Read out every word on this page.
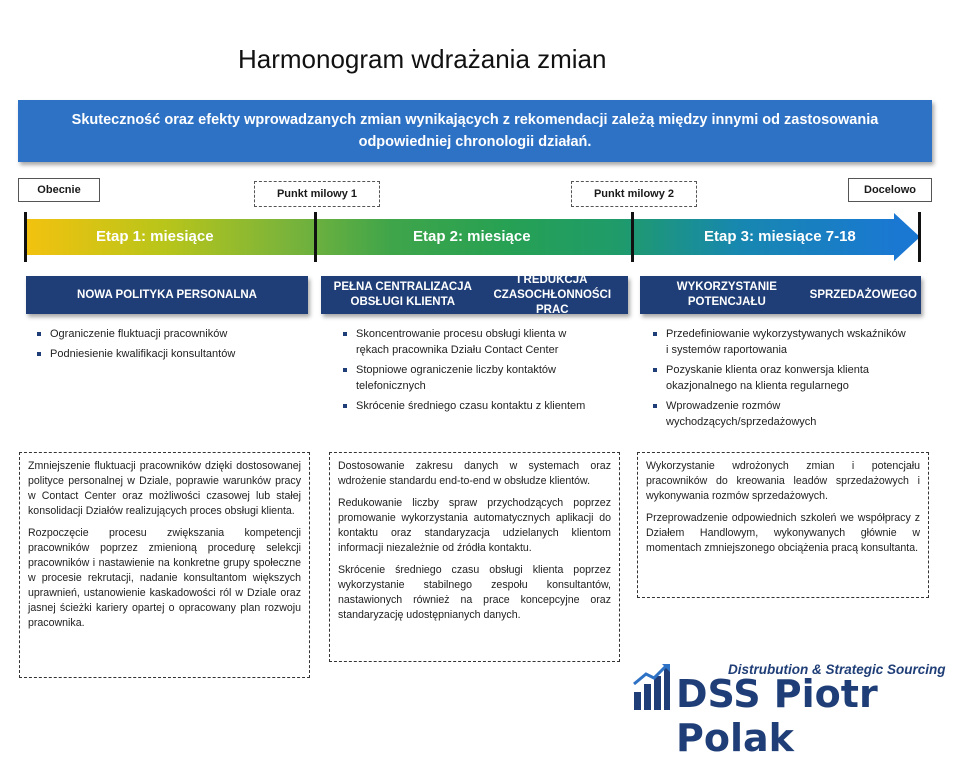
Harmonogram wdrażania zmian
Skuteczność oraz efekty wprowadzanych zmian wynikających z rekomendacji zależą między innymi od zastosowania odpowiedniej chronologii działań.
Obecnie	Punkt milowy 1	Punkt milowy 2	Docelowo
Etap 1: miesiące	Etap 2: miesiące	Etap 3: miesiące 7-18
NOWA POLITYKA PERSONALNA
PEŁNA CENTRALIZACJA OBSŁUGI KLIENTA
I REDUKCJA CZASOCHŁONNOŚCI PRAC
WYKORZYSTANIE POTENCJAŁU
SPRZEDAŻOWEGO
Ograniczenie fluktuacji pracowników
Podniesienie kwalifikacji konsultantów
Skoncentrowanie procesu obsługi klienta w rękach pracownika Działu Contact Center
Stopniowe ograniczenie liczby kontaktów telefonicznych
Skrócenie średniego czasu kontaktu z klientem
Przedefiniowanie wykorzystywanych wskaźników i systemów raportowania
Pozyskanie klienta oraz konwersja klienta okazjonalnego na klienta regularnego
Wprowadzenie rozmów wychodzących/sprzedażowych

Zmniejszenie fluktuacji pracowników dzięki dostosowanej polityce personalnej w Dziale, poprawie warunków pracy w Contact Center oraz możliwości czasowej lub stałej konsolidacji Działów realizujących proces obsługi klienta.

Rozpoczęcie procesu zwiększania kompetencji pracowników poprzez zmienioną procedurę selekcji pracowników i nastawienie na konkretne grupy społeczne w procesie rekrutacji, nadanie konsultantom większych uprawnień, ustanowienie kaskadowości ról w Dziale oraz jasnej ścieżki kariery opartej o opracowany plan rozwoju pracownika.

Dostosowanie zakresu danych w systemach oraz wdrożenie standardu end-to-end w obsłudze klientów.

Redukowanie liczby spraw przychodzących poprzez promowanie wykorzystania automatycznych aplikacji do kontaktu oraz standaryzacja udzielanych klientom informacji niezależnie od źródła kontaktu.

Skrócenie średniego czasu obsługi klienta poprzez wykorzystanie stabilnego zespołu konsultantów, nastawionych również na prace koncepcyjne oraz standaryzację udostępnianych danych.

Wykorzystanie wdrożonych zmian i potencjału pracowników do kreowania leadów sprzedażowych i wykonywania rozmów sprzedażowych.

Przeprowadzenie odpowiednich szkoleń we współpracy z Działem Handlowym, wykonywanych głównie w momentach zmniejszonego obciążenia pracą konsultanta.

Distrubution & Strategic Sourcing
DSS Piotr Polak
